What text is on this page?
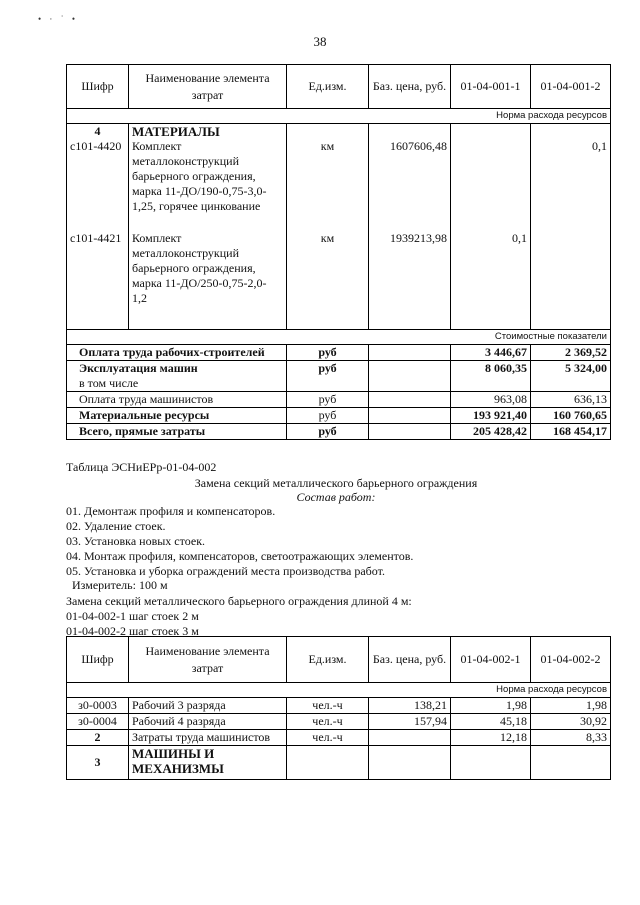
• · ˙ •
38
Шифр	Наименование элемента затрат	Ед.изм.	Баз. цена, руб.	01-04-001-1	01-04-001-2
Норма расхода ресурсов					
4	МАТЕРИАЛЫ				
с101-4420	Комплект
металлоконструкций
барьерного ограждения,
марка 11-ДО/190-0,75-3,0-
1,25, горячее цинкование	км	1607606,48		0,1
с101-4421	Комплект
металлоконструкций
барьерного ограждения,
марка 11-ДО/250-0,75-2,0-
1,2	км	1939213,98	0,1	
Стоимостные показатели					
Оплата труда рабочих-строителей		руб		3 446,67	2 369,52

Эксплуатация машин
в том числе		руб		8 060,35	5 324,00
Оплата труда машинистов		руб		963,08	636,13
Материальные ресурсы		руб		193 921,40	160 760,65
Всего, прямые затраты		руб		205 428,42	168 454,17
Таблица ЭСНиЕРр-01-04-002
Замена секций металлического барьерного ограждения
Состав работ:
01. Демонтаж профиля и компенсаторов.
02. Удаление стоек.
03. Установка новых стоек.
04. Монтаж профиля, компенсаторов, светоотражающих элементов.
05. Установка и уборка ограждений места производства работ.
Измеритель: 100 м
Замена секций металлического барьерного ограждения длиной 4 м:
01-04-002-1 шаг стоек 2 м
01-04-002-2 шаг стоек 3 м
Шифр	Наименование элемента затрат	Ед.изм.	Баз. цена, руб.	01-04-002-1	01-04-002-2
Норма расхода ресурсов					
з0-0003	Рабочий 3 разряда	чел.-ч	138,21	1,98	1,98
з0-0004	Рабочий 4 разряда	чел.-ч	157,94	45,18	30,92
2	Затраты труда машинистов	чел.-ч		12,18	8,33
3	МАШИНЫ И
МЕХАНИЗМЫ				
